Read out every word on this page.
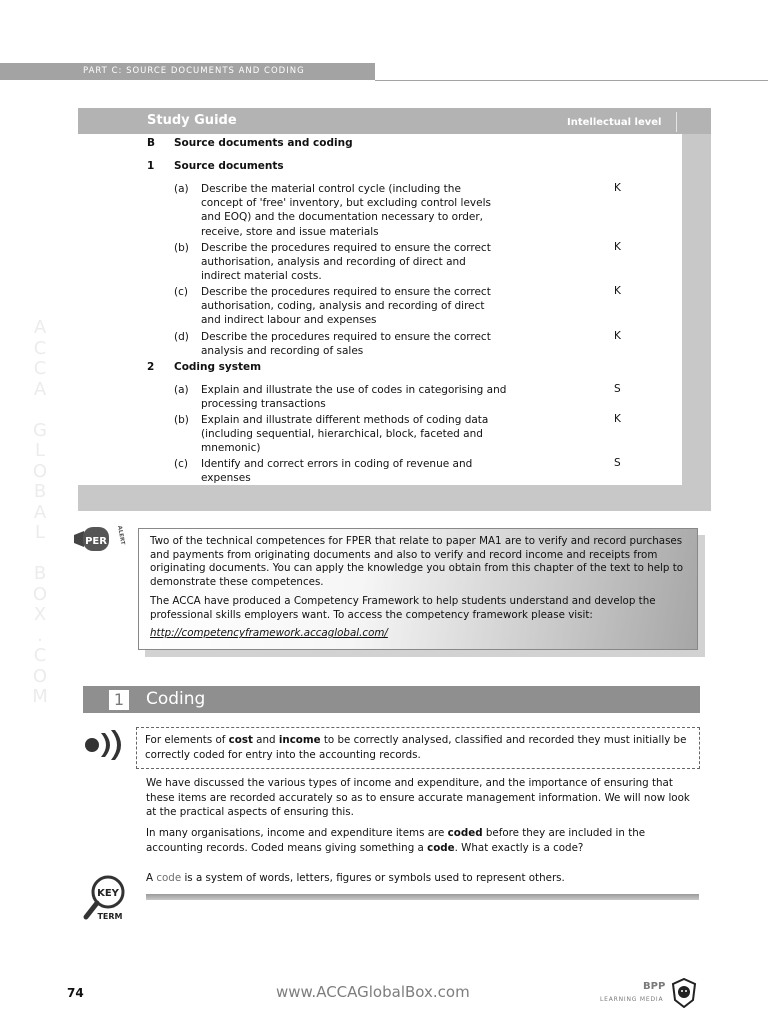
PART C: SOURCE DOCUMENTS AND CODING
A
C
C
A
G
L
O
B
A
L
B
O
X
.
C
O
M
Study Guide	Intellectual level
B Source documents and coding
1 Source documents
(a) Describe the material control cycle (including the
concept of 'free' inventory, but excluding control levels
and EOQ) and the documentation necessary to order,
receive, store and issue materials
K
(b) Describe the procedures required to ensure the correct
authorisation, analysis and recording of direct and
indirect material costs.
K
(c) Describe the procedures required to ensure the correct
authorisation, coding, analysis and recording of direct
and indirect labour and expenses
K
(d) Describe the procedures required to ensure the correct
analysis and recording of sales
K
2 Coding system
(a) Explain and illustrate the use of codes in categorising and
processing transactions
S
(b) Explain and illustrate different methods of coding data
(including sequential, hierarchical, block, faceted and
mnemonic)
K
(c) Identify and correct errors in coding of revenue and
expenses
S
PER ALERT Two of the technical competences for FPER that relate to paper MA1 are to verify and record purchases and payments from originating documents and also to verify and record income and receipts from originating documents. You can apply the knowledge you obtain from this chapter of the text to help to demonstrate these competences.

The ACCA have produced a Competency Framework to help students understand and develop the professional skills employers want. To access the competency framework please visit:

http://competencyframework.accaglobal.com/

1 Coding
For elements of cost and income to be correctly analysed, classified and recorded they must initially be correctly coded for entry into the accounting records.
We have discussed the various types of income and expenditure, and the importance of ensuring that these items are recorded accurately so as to ensure accurate management information. We will now look at the practical aspects of ensuring this.
In many organisations, income and expenditure items are coded before they are included in the accounting records. Coded means giving something a code. What exactly is a code?
KEY
TERM
A code is a system of words, letters, figures or symbols used to represent others.
74	www.ACCAGlobalBox.com	BPP
LEARNING MEDIA
